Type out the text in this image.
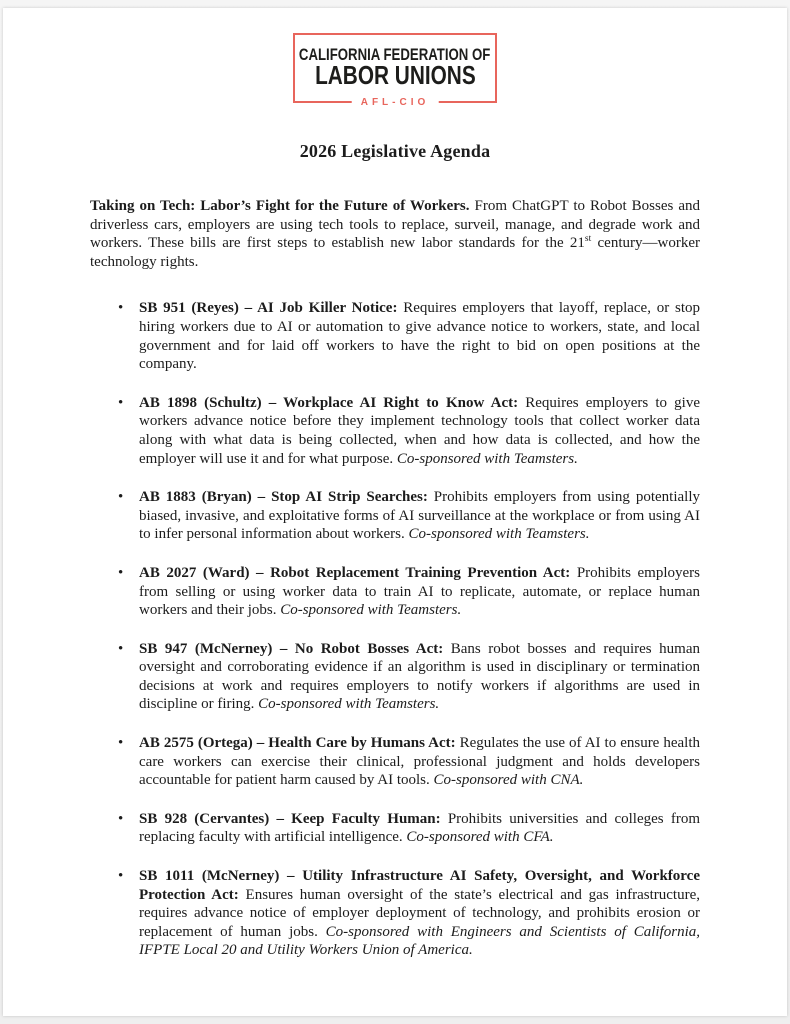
CALIFORNIA FEDERATION OF
LABOR UNIONS
AFL-CIO
2026 Legislative Agenda

Taking on Tech: Labor’s Fight for the Future of Workers. From ChatGPT to Robot Bosses and driverless cars, employers are using tech tools to replace, surveil, manage, and degrade work and workers. These bills are first steps to establish new labor standards for the 21st century—worker technology rights.

• SB 951 (Reyes) – AI Job Killer Notice: Requires employers that layoff, replace, or stop hiring workers due to AI or automation to give advance notice to workers, state, and local government and for laid off workers to have the right to bid on open positions at the company.
• AB 1898 (Schultz) – Workplace AI Right to Know Act: Requires employers to give workers advance notice before they implement technology tools that collect worker data along with what data is being collected, when and how data is collected, and how the employer will use it and for what purpose. Co-sponsored with Teamsters.
• AB 1883 (Bryan) – Stop AI Strip Searches: Prohibits employers from using potentially biased, invasive, and exploitative forms of AI surveillance at the workplace or from using AI to infer personal information about workers. Co-sponsored with Teamsters.
• AB 2027 (Ward) – Robot Replacement Training Prevention Act: Prohibits employers from selling or using worker data to train AI to replicate, automate, or replace human workers and their jobs. Co-sponsored with Teamsters.
• SB 947 (McNerney) – No Robot Bosses Act: Bans robot bosses and requires human oversight and corroborating evidence if an algorithm is used in disciplinary or termination decisions at work and requires employers to notify workers if algorithms are used in discipline or firing. Co-sponsored with Teamsters.
• AB 2575 (Ortega) – Health Care by Humans Act: Regulates the use of AI to ensure health care workers can exercise their clinical, professional judgment and holds developers accountable for patient harm caused by AI tools. Co-sponsored with CNA.
• SB 928 (Cervantes) – Keep Faculty Human: Prohibits universities and colleges from replacing faculty with artificial intelligence. Co-sponsored with CFA.
• SB 1011 (McNerney) – Utility Infrastructure AI Safety, Oversight, and Workforce Protection Act: Ensures human oversight of the state’s electrical and gas infrastructure, requires advance notice of employer deployment of technology, and prohibits erosion or replacement of human jobs. Co-sponsored with Engineers and Scientists of California, IFPTE Local 20 and Utility Workers Union of America.
